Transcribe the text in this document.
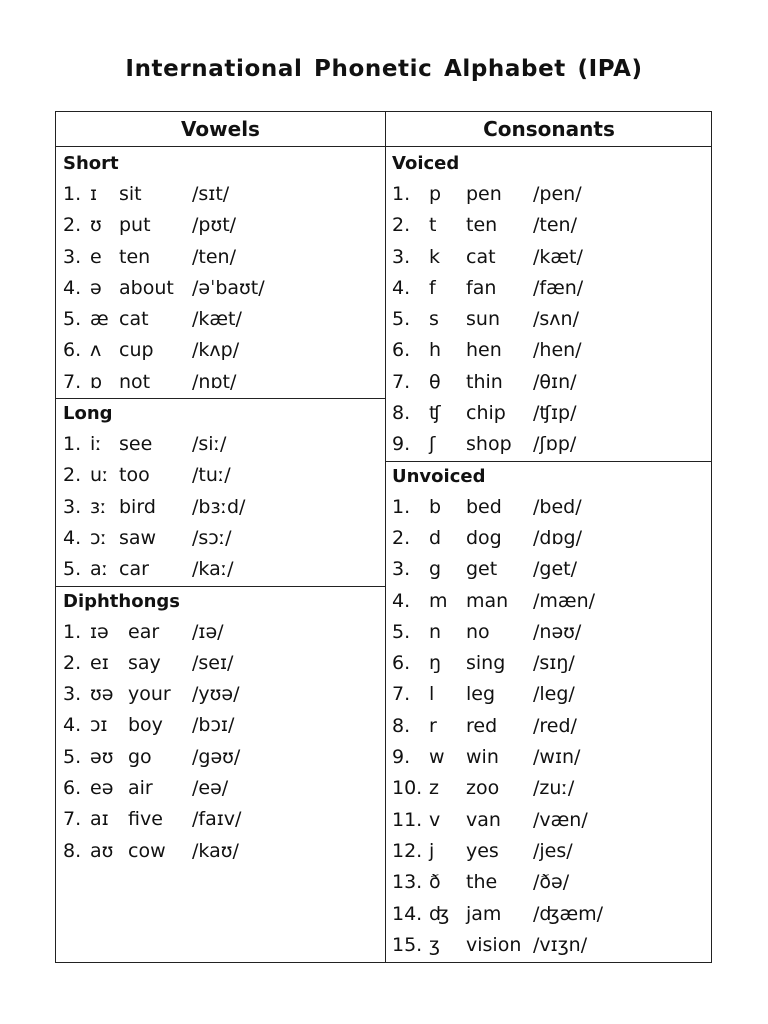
International Phonetic Alphabet (IPA)
Vowels	Consonants
Short
1. ɪ sit	/sɪt/
2. ʊ put /pʊt/
3. e ten /ten/
4. ə about /əˈbaʊt/
5. æ cat /kæt/
6. ʌ cup /kʌp/
7. ɒ not /nɒt/
Long
1. iː see /siː/
2. uː too /tuː/
3. ɜː bird /bɜːd/
4. ɔː saw /sɔː/
5. aː car /kaː/
Diphthongs
1. ɪə ear /ɪə/
2. eɪ say /seɪ/
3. ʊə your /yʊə/
4. ɔɪ boy /bɔɪ/
5. əʊ go /gəʊ/
6. eə air /eə/
7. aɪ five /faɪv/
8. aʊ cow /kaʊ/
Voiced
1. p pen /pen/
2. t ten /ten/
3. k cat /kæt/
4. f fan /fæn/
5. s sun /sʌn/
6. h hen /hen/
7. θ thin /θɪn/
8. ʧ chip /ʧɪp/
9. ʃ shop /ʃɒp/
Unvoiced
1. b bed /bed/
2. d dog /dɒg/
3. g get /get/
4. m man /mæn/
5. n no /nəʊ/
6. ŋ sing /sɪŋ/
7. l leg /leg/
8. r red /red/
9. w win /wɪn/
10. z zoo /zuː/
11. v van /væn/
12. j yes /jes/
13. ð the /ðə/
14. ʤ jam /ʤæm/
15. ʒ vision /vɪʒn/
